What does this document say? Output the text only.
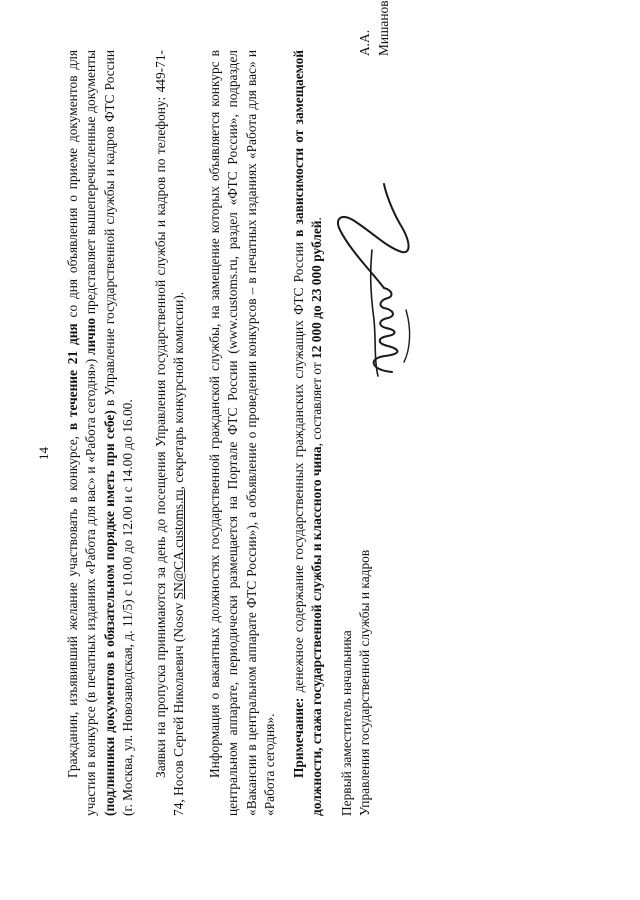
14 Гражданин, изъявивший желание участвовать в конкурсе, в течение 21 дня со дня объявления о приеме документов для участия в конкурсе (в печатных изданиях «Работа для вас» и «Работа сегодня») лично представляет вышеперечисленные документы (подлинники документов в обязательном порядке иметь при себе) в Управление государственной службы и кадров ФТС России (г. Москва, ул. Новозаводская, д. 11/5) с 10.00 до 12.00 и с 14.00 до 16.00. Заявки на пропуска принимаются за день до посещения Управления государственной службы и кадров по телефону: 449-71-74, Носов Сергей Николаевич (Nosov SN@CA.customs.ru, секретарь конкурсной комиссии). Информация о вакантных должностях государственной гражданской службы, на замещение которых объявляется конкурс в центральном аппарате, периодически размещается на Портале ФТС России (www.customs.ru, раздел «ФТС России», подраздел «Вакансии в центральном аппарате ФТС России»), а объявление о проведении конкурсов – в печатных изданиях «Работа для вас» и «Работа сегодня». Примечание: денежное содержание государственных гражданских служащих ФТС России в зависимости от замещаемой должности, стажа государственной службы и классного чина, составляет от 12 000 до 23 000 рублей.

Первый заместитель начальника Управления государственной службы и кадров
А.А. Мишанов
